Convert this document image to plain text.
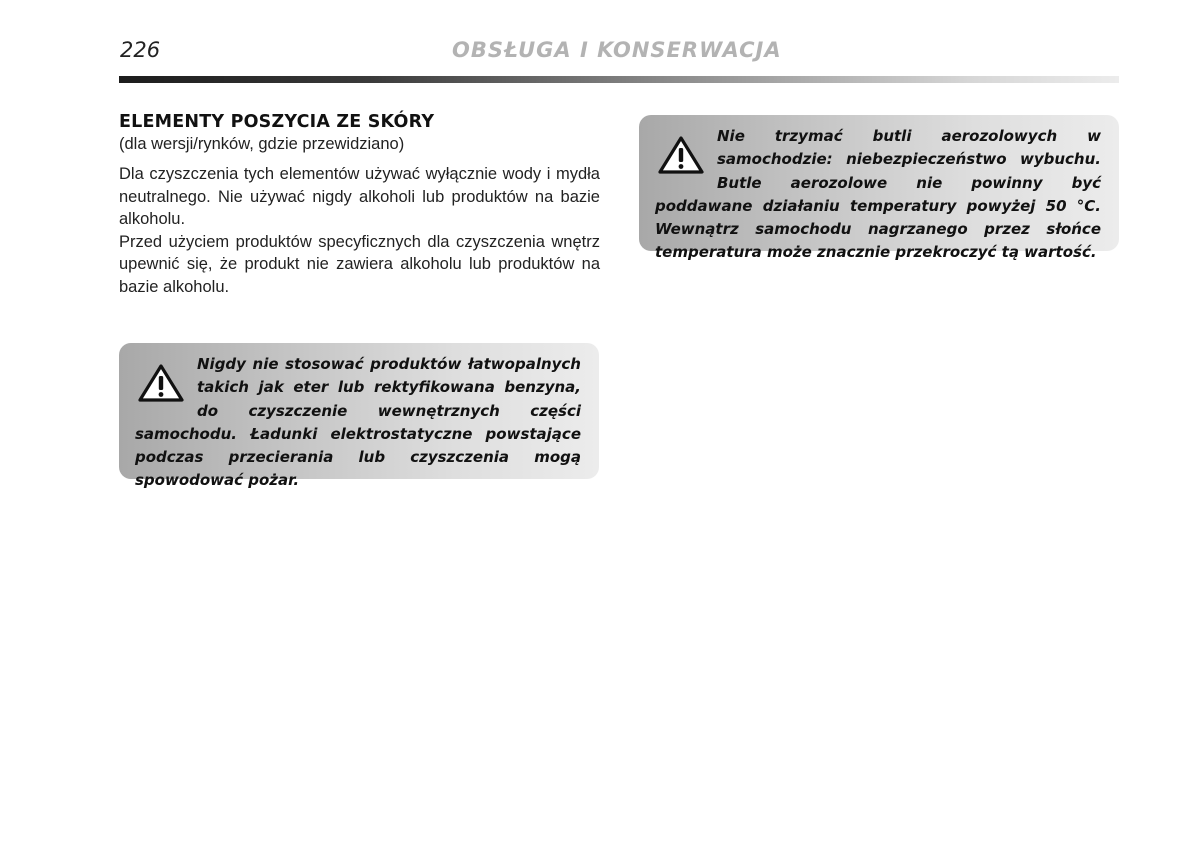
226	OBSŁUGA I KONSERWACJA
ELEMENTY POSZYCIA ZE SKÓRY
(dla wersji/rynków, gdzie przewidziano)

Dla czyszczenia tych elementów używać wyłącznie wody i mydła neutralnego. Nie używać nigdy alkoholi lub produktów na bazie alkoholu.

Przed użyciem produktów specyficznych dla czyszczenia wnętrz upewnić się, że produkt nie zawiera alkoholu lub produktów na bazie alkoholu.

Nigdy nie stosować produktów łatwopalnych takich jak eter lub rektyfikowana benzyna, do czyszczenie wewnętrznych części samochodu. Ładunki elektrostatyczne powstające podczas przecierania lub czyszczenia mogą spowodować pożar.
Nie trzymać butli aerozolowych w samochodzie: niebezpieczeństwo wybuchu. Butle aerozolowe nie powinny być poddawane działaniu temperatury powyżej 50 °C. Wewnątrz samochodu nagrzanego przez słońce temperatura może znacznie przekroczyć tą wartość.
